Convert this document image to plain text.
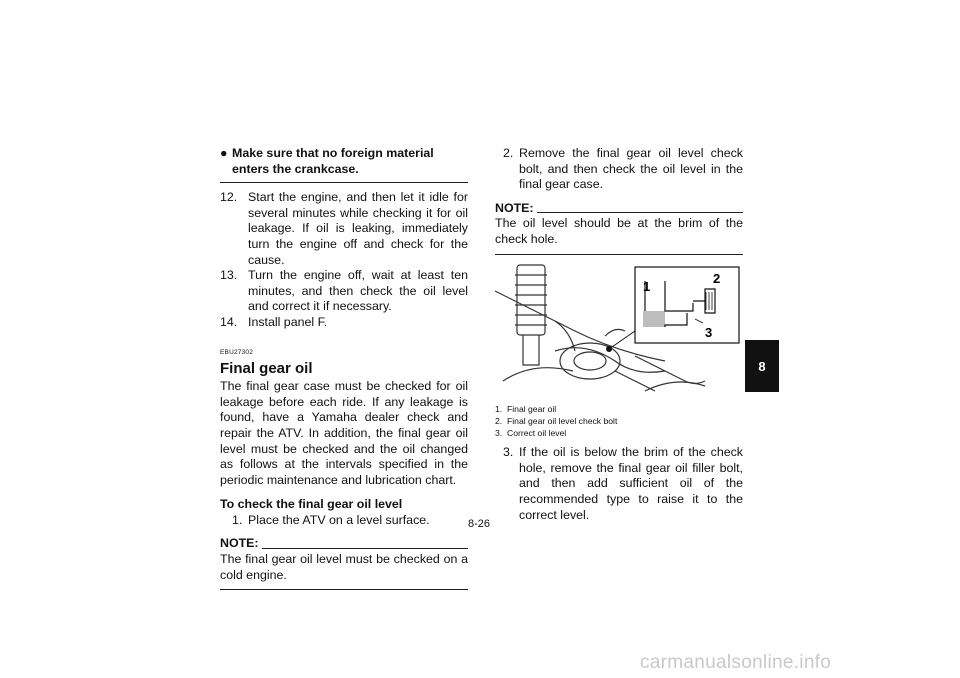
● Make sure that no foreign material enters the crankcase.
12. Start the engine, and then let it idle for several minutes while checking it for oil leakage. If oil is leaking, immediately turn the engine off and check for the cause.
13. Turn the engine off, wait at least ten minutes, and then check the oil level and correct it if necessary.
14. Install panel F.
EBU27302
Final gear oil
The final gear case must be checked for oil leakage before each ride. If any leakage is found, have a Yamaha dealer check and repair the ATV. In addition, the final gear oil level must be checked and the oil changed as follows at the intervals specified in the periodic maintenance and lubrication chart.
To check the final gear oil level
1. Place the ATV on a level surface.
NOTE:
The final gear oil level must be checked on a cold engine.
2. Remove the final gear oil level check bolt, and then check the oil level in the final gear case.
NOTE:
The oil level should be at the brim of the check hole.
1
2
3
1. Final gear oil
2. Final gear oil level check bolt
3. Correct oil level
3. If the oil is below the brim of the check hole, remove the final gear oil filler bolt, and then add sufficient oil of the recommended type to raise it to the correct level.
8
8-26
carmanualsonline.info
